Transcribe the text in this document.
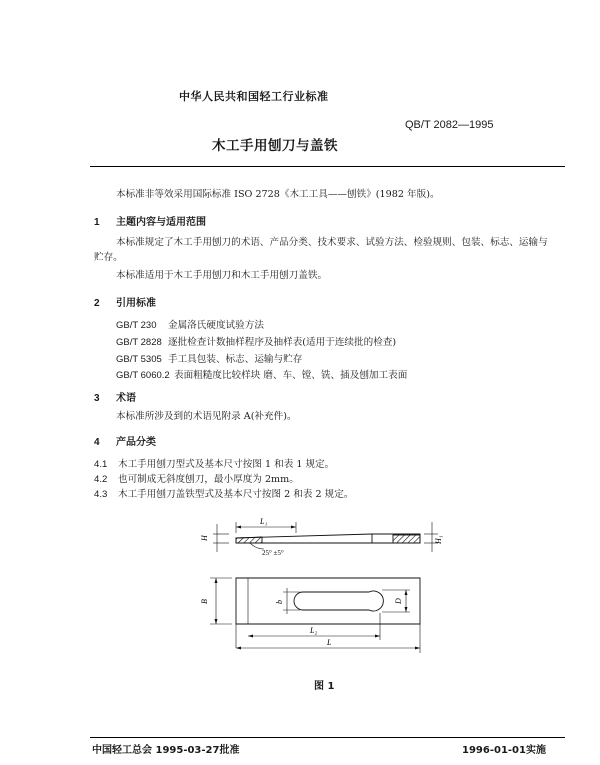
中华人民共和国轻工行业标准
QB/T 2082—1995
木工手用刨刀与盖铁
本标准非等效采用国际标准 ISO 2728《木工工具——刨铁》(1982 年版)。
1 主题内容与适用范围
本标准规定了木工手用刨刀的术语、产品分类、技术要求、试验方法、检验规则、包装、标志、运输与
贮存。
本标准适用于木工手用刨刀和木工手用刨刀盖铁。
2 引用标准
GB/T 230 金属洛氏硬度试验方法
GB/T 2828 逐批检查计数抽样程序及抽样表(适用于连续批的检查)
GB/T 5305 手工具包装、标志、运输与贮存
GB/T 6060.2 表面粗糙度比较样块 磨、车、镗、铣、插及刨加工表面
3 术语
本标准所涉及到的术语见附录 A(补充件)。
4 产品分类
4.1 木工手用刨刀型式及基本尺寸按图 1 和表 1 规定。
4.2 也可制成无斜度刨刀，最小厚度为 2mm。
4.3 木工手用刨刀盖铁型式及基本尺寸按图 2 和表 2 规定。
H	H₁
L₁
25° ±5°
B	b	D
L₂
L
图 1
中国轻工总会 1995-03-27批准	1996-01-01实施
